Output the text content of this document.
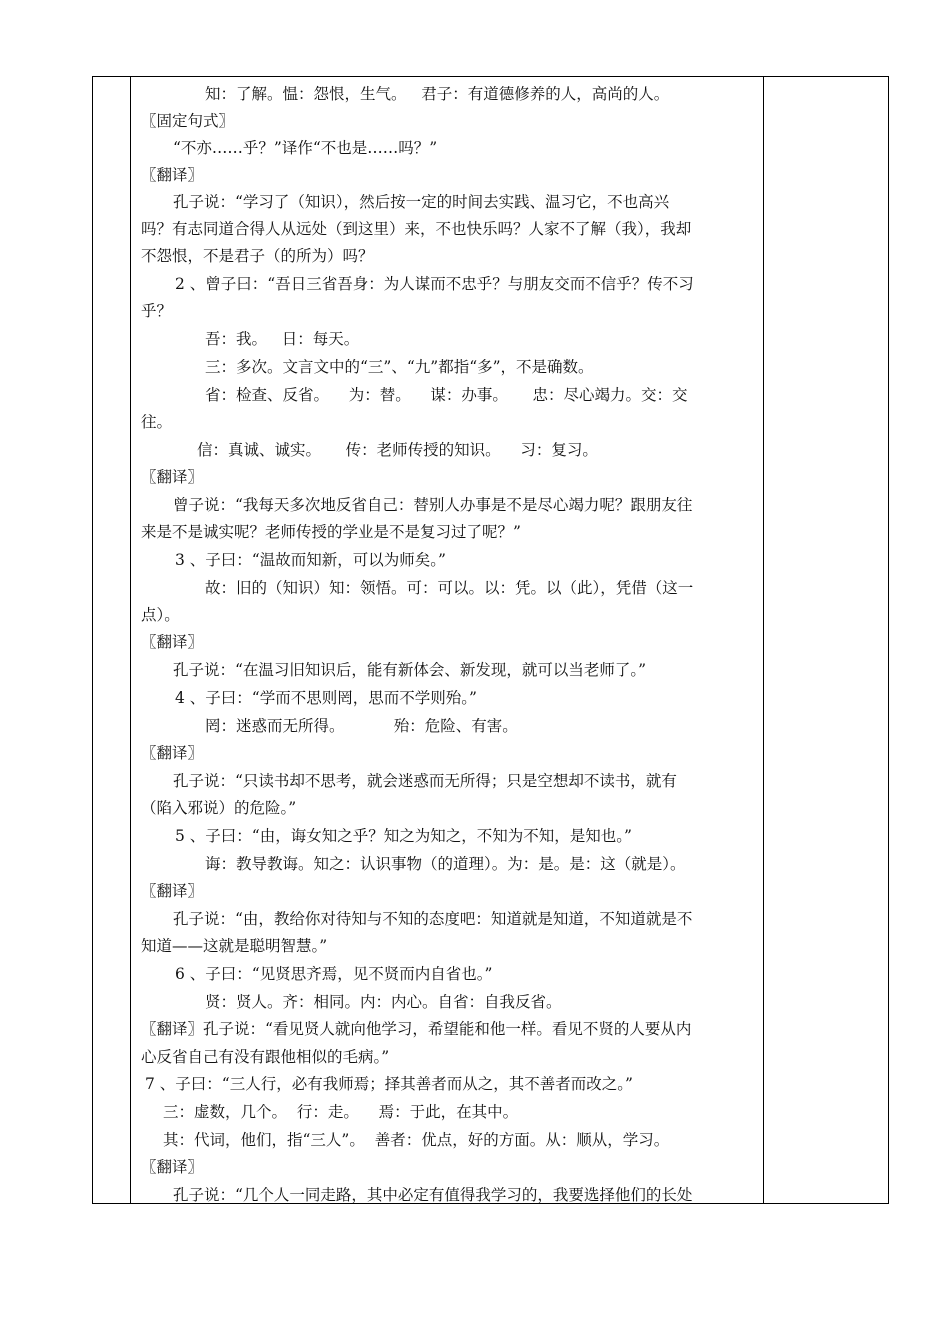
知：了解。愠：怨恨，生气。   君子：有道德修养的人，高尚的人。
〖固定句式〗
“不亦……乎？”译作“不也是……吗？”
〖翻译〗
孔子说：“学习了（知识），然后按一定的时间去实践、温习它，不也高兴
吗？有志同道合得人从远处（到这里）来，不也快乐吗？人家不了解（我），我却
不怨恨，不是君子（的所为）吗？
2 、曾子曰：“吾日三省吾身：为人谋而不忠乎？与朋友交而不信乎？传不习
乎？
吾：我。   日：每天。
三：多次。文言文中的“三”、“九”都指“多”，不是确数。
省：检查、反省。    为：替。    谋：办事。     忠：尽心竭力。交：交
往。
信：真诚、诚实。     传：老师传授的知识。    习：复习。
〖翻译〗
曾子说：“我每天多次地反省自己：替别人办事是不是尽心竭力呢？跟朋友往
来是不是诚实呢？老师传授的学业是不是复习过了呢？”
3 、子曰：“温故而知新，可以为师矣。”
故：旧的（知识）知：领悟。可：可以。以：凭。以（此），凭借（这一
点）。
〖翻译〗
孔子说：“在温习旧知识后，能有新体会、新发现，就可以当老师了。”
4 、子曰：“学而不思则罔，思而不学则殆。”
罔：迷惑而无所得。          殆：危险、有害。
〖翻译〗
孔子说：“只读书却不思考，就会迷惑而无所得；只是空想却不读书，就有
（陷入邪说）的危险。”
5 、子曰：“由，诲女知之乎？知之为知之，不知为不知，是知也。”
诲：教导教诲。知之：认识事物（的道理）。为：是。是：这（就是）。
〖翻译〗
孔子说：“由，教给你对待知与不知的态度吧：知道就是知道，不知道就是不
知道——这就是聪明智慧。”
6 、子曰：“见贤思齐焉，见不贤而内自省也。”
贤：贤人。齐：相同。内：内心。自省：自我反省。
〖翻译〗孔子说：“看见贤人就向他学习，希望能和他一样。看见不贤的人要从内
心反省自己有没有跟他相似的毛病。”
7 、子曰：“三人行，必有我师焉；择其善者而从之，其不善者而改之。”
三：虚数，几个。  行：走。    焉：于此，在其中。
其：代词，他们，指“三人”。  善者：优点，好的方面。从：顺从，学习。
〖翻译〗
孔子说：“几个人一同走路，其中必定有值得我学习的，我要选择他们的长处
